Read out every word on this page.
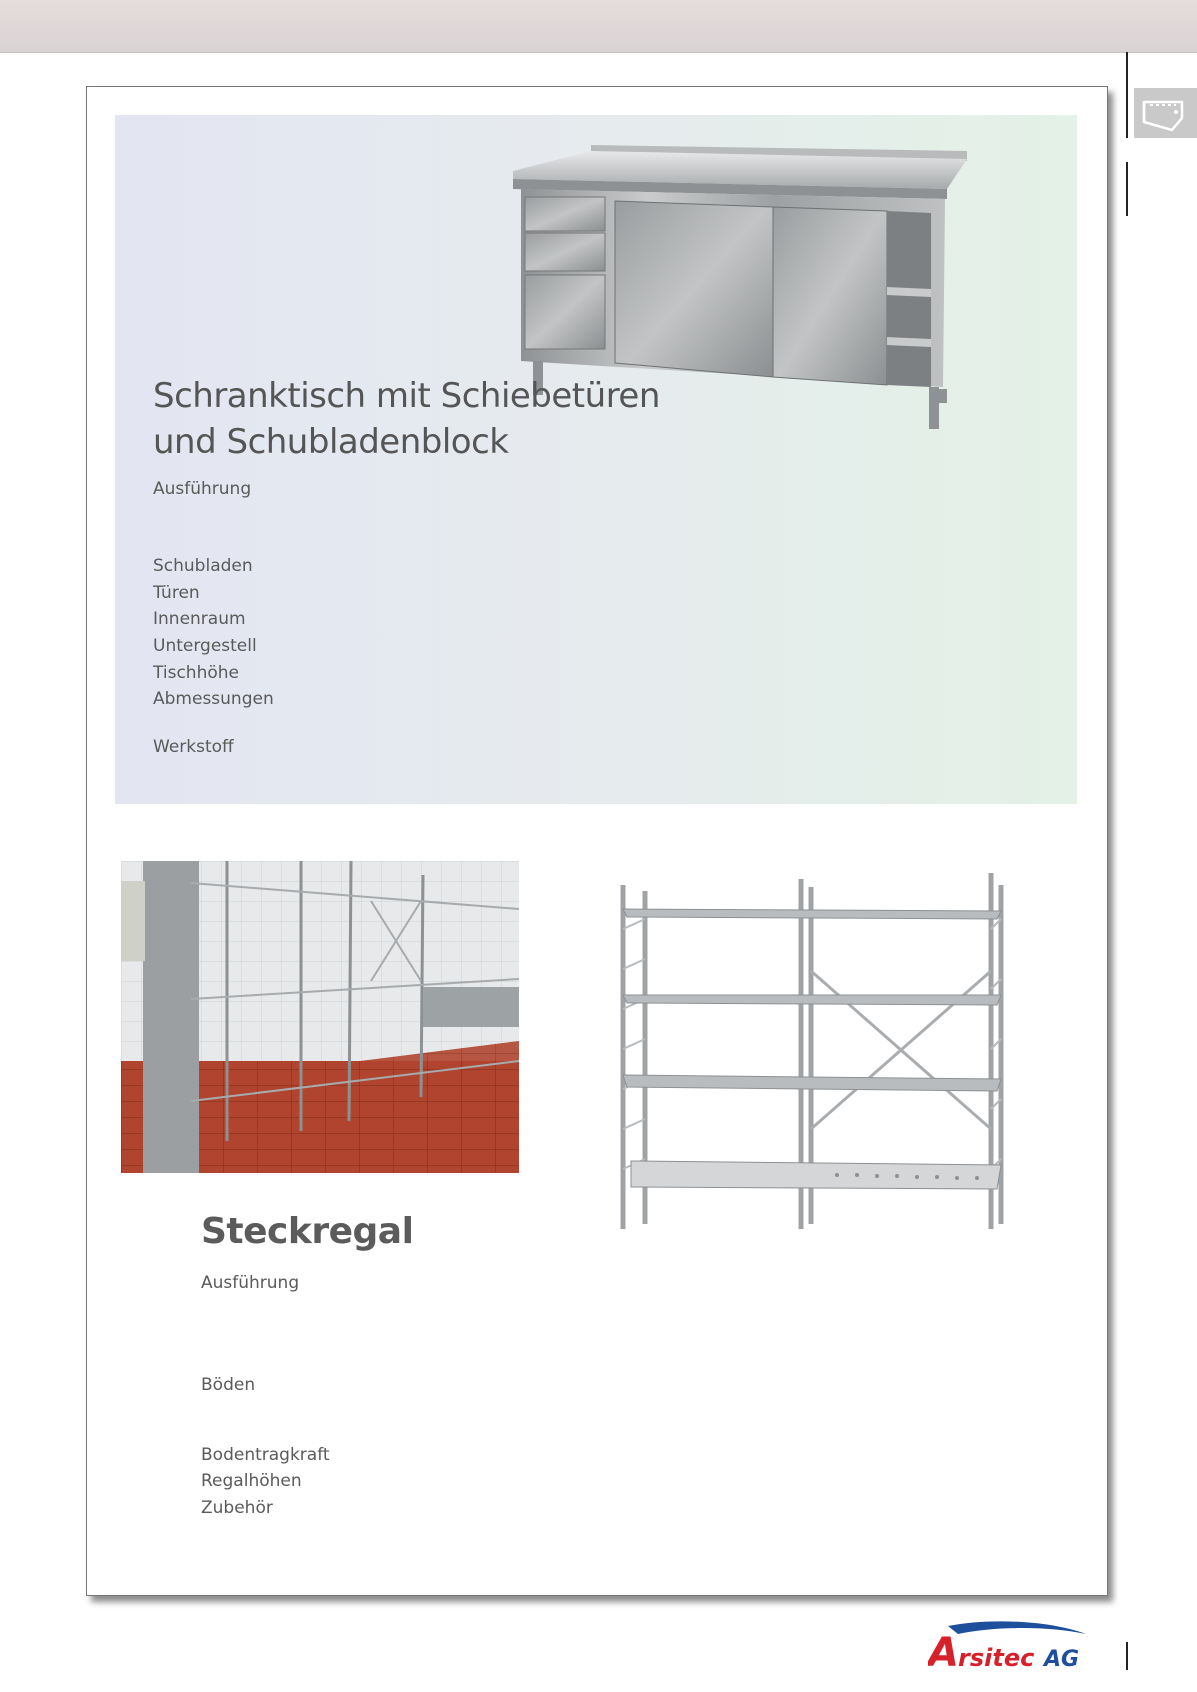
Schranktisch mit Schiebetüren
und Schubladenblock
Ausführung
Schubladen
Türen
Innenraum
Untergestell
Tischhöhe
Abmessungen
Werkstoff
Steckregal
Ausführung
Böden
Bodentragkraft
Regalhöhen
Zubehör
A rsitec AG
